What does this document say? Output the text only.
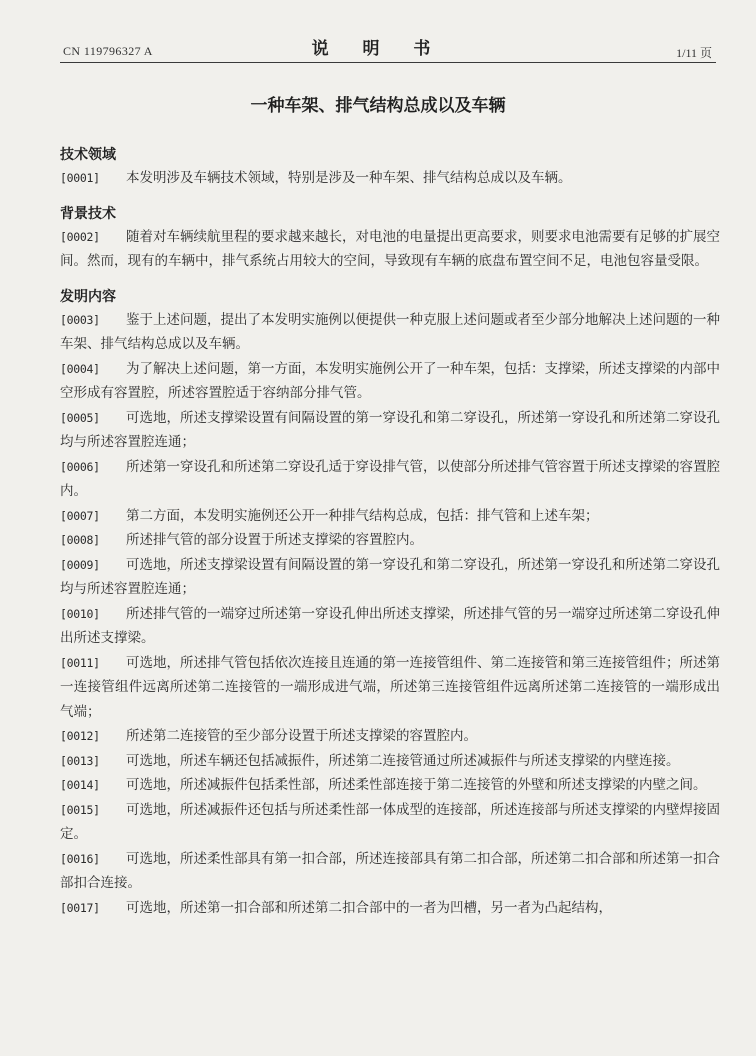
CN 119796327 A	说 明 书	1/11 页
一种车架、排气结构总成以及车辆
技术领域

[0001] 本发明涉及车辆技术领域，特别是涉及一种车架、排气结构总成以及车辆。

背景技术

[0002] 随着对车辆续航里程的要求越来越长，对电池的电量提出更高要求，则要求电池需要有足够的扩展空间。然而，现有的车辆中，排气系统占用较大的空间，导致现有车辆的底盘布置空间不足，电池包容量受限。

发明内容

[0003] 鉴于上述问题，提出了本发明实施例以便提供一种克服上述问题或者至少部分地解决上述问题的一种车架、排气结构总成以及车辆。

[0004] 为了解决上述问题，第一方面，本发明实施例公开了一种车架，包括：支撑梁，所述支撑梁的内部中空形成有容置腔，所述容置腔适于容纳部分排气管。

[0005] 可选地，所述支撑梁设置有间隔设置的第一穿设孔和第二穿设孔，所述第一穿设孔和所述第二穿设孔均与所述容置腔连通；

[0006] 所述第一穿设孔和所述第二穿设孔适于穿设排气管，以使部分所述排气管容置于所述支撑梁的容置腔内。

[0007] 第二方面，本发明实施例还公开一种排气结构总成，包括：排气管和上述车架；

[0008] 所述排气管的部分设置于所述支撑梁的容置腔内。

[0009] 可选地，所述支撑梁设置有间隔设置的第一穿设孔和第二穿设孔，所述第一穿设孔和所述第二穿设孔均与所述容置腔连通；

[0010] 所述排气管的一端穿过所述第一穿设孔伸出所述支撑梁，所述排气管的另一端穿过所述第二穿设孔伸出所述支撑梁。

[0011] 可选地，所述排气管包括依次连接且连通的第一连接管组件、第二连接管和第三连接管组件；所述第一连接管组件远离所述第二连接管的一端形成进气端，所述第三连接管组件远离所述第二连接管的一端形成出气端；

[0012] 所述第二连接管的至少部分设置于所述支撑梁的容置腔内。

[0013] 可选地，所述车辆还包括减振件，所述第二连接管通过所述减振件与所述支撑梁的内壁连接。

[0014] 可选地，所述减振件包括柔性部，所述柔性部连接于第二连接管的外壁和所述支撑梁的内壁之间。

[0015] 可选地，所述减振件还包括与所述柔性部一体成型的连接部，所述连接部与所述支撑梁的内壁焊接固定。

[0016] 可选地，所述柔性部具有第一扣合部，所述连接部具有第二扣合部，所述第二扣合部和所述第一扣合部扣合连接。

[0017] 可选地，所述第一扣合部和所述第二扣合部中的一者为凹槽，另一者为凸起结构，
